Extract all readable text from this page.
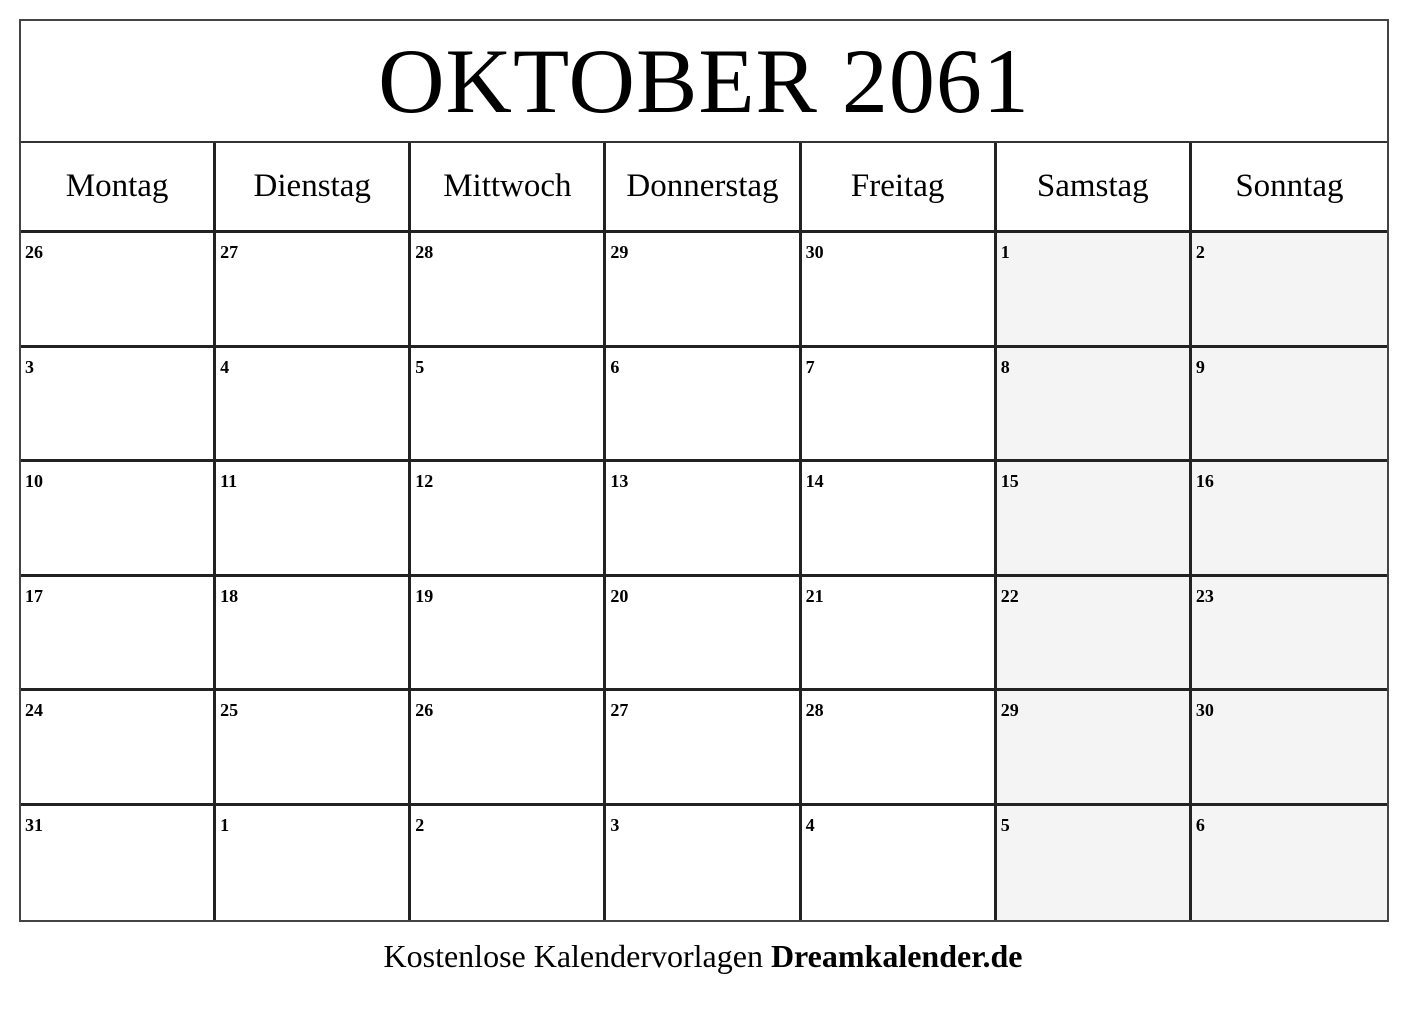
OKTOBER 2061
Montag	Dienstag	Mittwoch	Donnerstag	Freitag	Samstag	Sonntag
26	27	28	29	30	1	2
3	4	5	6	7	8	9
10	11	12	13	14	15	16
17	18	19	20	21	22	23
24	25	26	27	28	29	30
31	1	2	3	4	5	6
Kostenlose Kalendervorlagen Dreamkalender.de
